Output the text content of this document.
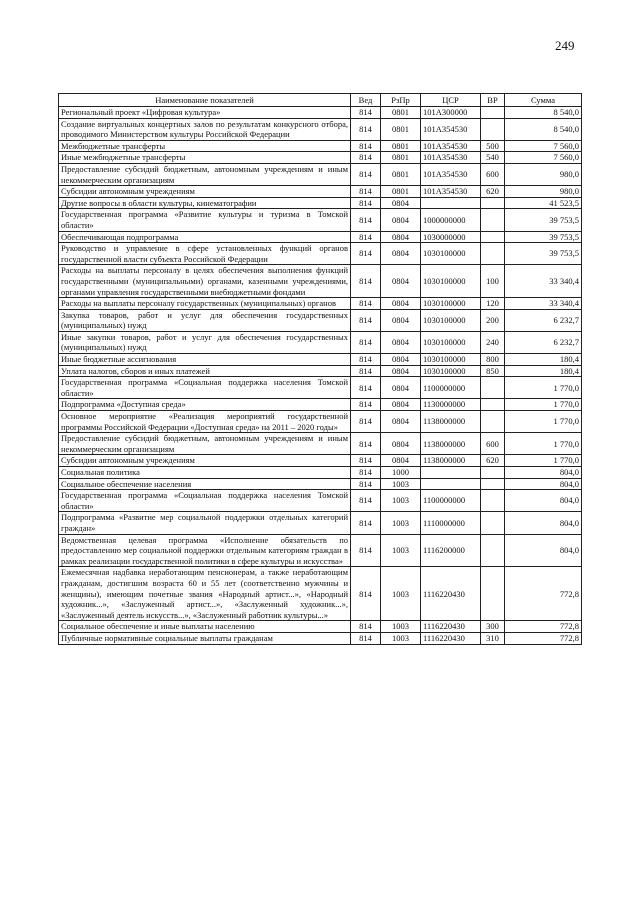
249
Наименование показателей	Вед	РзПр	ЦСР	ВР	Сумма
Региональный проект «Цифровая культура»	814	0801	101A300000		8 540,0
Создание виртуальных концертных залов по результатам конкурсного отбора, проводимого Министерством культуры Российской Федерации	814	0801	101A354530		8 540,0
Межбюджетные трансферты	814	0801	101A354530	500	7 560,0
Иные межбюджетные трансферты	814	0801	101A354530	540	7 560,0
Предоставление субсидий бюджетным, автономным учреждениям и иным некоммерческим организациям	814	0801	101A354530	600	980,0
Субсидии автономным учреждениям	814	0801	101A354530	620	980,0
Другие вопросы в области культуры, кинематографии	814	0804			41 523,5
Государственная программа «Развитие культуры и туризма в Томской области»	814	0804	1000000000		39 753,5
Обеспечивающая подпрограмма	814	0804	1030000000		39 753,5
Руководство и управление в сфере установленных функций органов государственной власти субъекта Российской Федерации	814	0804	1030100000		39 753,5
Расходы на выплаты персоналу в целях обеспечения выполнения функций государственными (муниципальными) органами, казенными учреждениями, органами управления государственными внебюджетными фондами	814	0804	1030100000	100	33 340,4
Расходы на выплаты персоналу государственных (муниципальных) органов	814	0804	1030100000	120	33 340,4
Закупка товаров, работ и услуг для обеспечения государственных (муниципальных) нужд	814	0804	1030100000	200	6 232,7
Иные закупки товаров, работ и услуг для обеспечения государственных (муниципальных) нужд	814	0804	1030100000	240	6 232,7
Иные бюджетные ассигнования	814	0804	1030100000	800	180,4
Уплата налогов, сборов и иных платежей	814	0804	1030100000	850	180,4
Государственная программа «Социальная поддержка населения Томской области»	814	0804	1100000000		1 770,0
Подпрограмма «Доступная среда»	814	0804	1130000000		1 770,0
Основное мероприятие «Реализация мероприятий государственной программы Российской Федерации «Доступная среда» на 2011 – 2020 годы»	814	0804	1138000000		1 770,0
Предоставление субсидий бюджетным, автономным учреждениям и иным некоммерческим организациям	814	0804	1138000000	600	1 770,0
Субсидии автономным учреждениям	814	0804	1138000000	620	1 770,0
Социальная политика	814	1000			804,0
Социальное обеспечение населения	814	1003			804,0
Государственная программа «Социальная поддержка населения Томской области»	814	1003	1100000000		804,0
Подпрограмма «Развитие мер социальной поддержки отдельных категорий граждан»	814	1003	1110000000		804,0
Ведомственная целевая программа «Исполнение обязательств по предоставлению мер социальной поддержки отдельным категориям граждан в рамках реализации государственной политики в сфере культуры и искусства»	814	1003	1116200000		804,0
Ежемесячная надбавка неработающим пенсионерам, а также неработающим гражданам, достигшим возраста 60 и 55 лет (соответственно мужчины и женщины), имеющим почетные звания «Народный артист...», «Народный художник...», «Заслуженный артист...», «Заслуженный художник...», «Заслуженный деятель искусств...», «Заслуженный работник культуры...»	814	1003	1116220430		772,8
Социальное обеспечение и иные выплаты населению	814	1003	1116220430	300	772,8
Публичные нормативные социальные выплаты гражданам	814	1003	1116220430	310	772,8
